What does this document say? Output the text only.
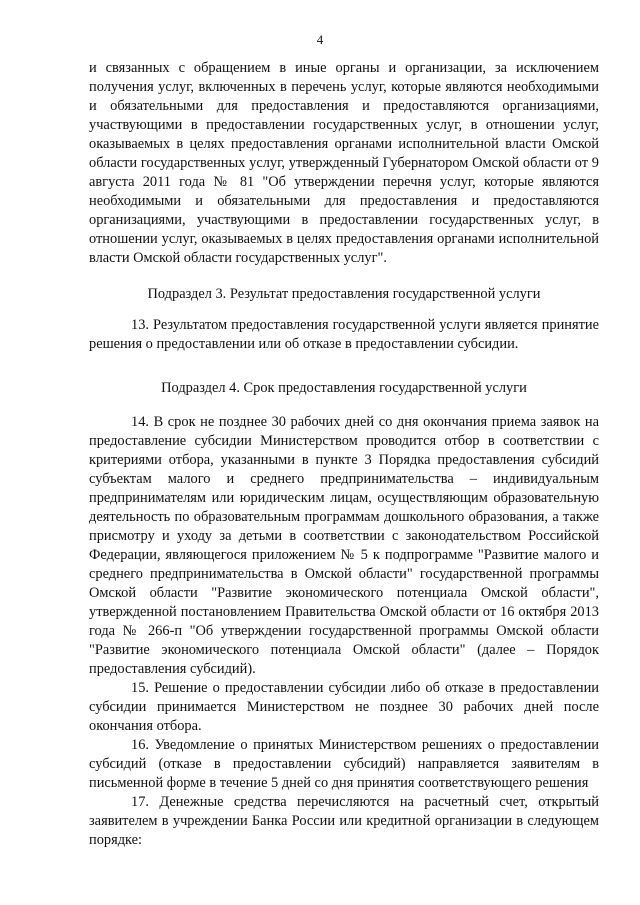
4

и связанных с обращением в иные органы и организации, за исключением получения услуг, включенных в перечень услуг, которые являются необходимыми и обязательными для предоставления и предоставляются организациями, участвующими в предоставлении государственных услуг, в отношении услуг, оказываемых в целях предоставления органами исполнительной власти Омской области государственных услуг, утвержденный Губернатором Омской области от 9 августа 2011 года № 81 "Об утверждении перечня услуг, которые являются необходимыми и обязательными для предоставления и предоставляются организациями, участвующими в предоставлении государственных услуг, в отношении услуг, оказываемых в целях предоставления органами исполнительной власти Омской области государственных услуг".

Подраздел 3. Результат предоставления государственной услуги

13. Результатом предоставления государственной услуги является принятие решения о предоставлении или об отказе в предоставлении субсидии.

Подраздел 4. Срок предоставления государственной услуги

14. В срок не позднее 30 рабочих дней со дня окончания приема заявок на предоставление субсидии Министерством проводится отбор в соответствии с критериями отбора, указанными в пункте 3 Порядка предоставления субсидий субъектам малого и среднего предпринимательства – индивидуальным предпринимателям или юридическим лицам, осуществляющим образовательную деятельность по образовательным программам дошкольного образования, а также присмотру и уходу за детьми в соответствии с законодательством Российской Федерации, являющегося приложением № 5 к подпрограмме "Развитие малого и среднего предпринимательства в Омской области" государственной программы Омской области "Развитие экономического потенциала Омской области", утвержденной постановлением Правительства Омской области от 16 октября 2013 года № 266-п "Об утверждении государственной программы Омской области "Развитие экономического потенциала Омской области" (далее – Порядок предоставления субсидий).

15. Решение о предоставлении субсидии либо об отказе в предоставлении субсидии принимается Министерством не позднее 30 рабочих дней после окончания отбора.

16. Уведомление о принятых Министерством решениях о предоставлении субсидий (отказе в предоставлении субсидий) направляется заявителям в письменной форме в течение 5 дней со дня принятия соответствующего решения

17. Денежные средства перечисляются на расчетный счет, открытый заявителем в учреждении Банка России или кредитной организации в следующем порядке:
